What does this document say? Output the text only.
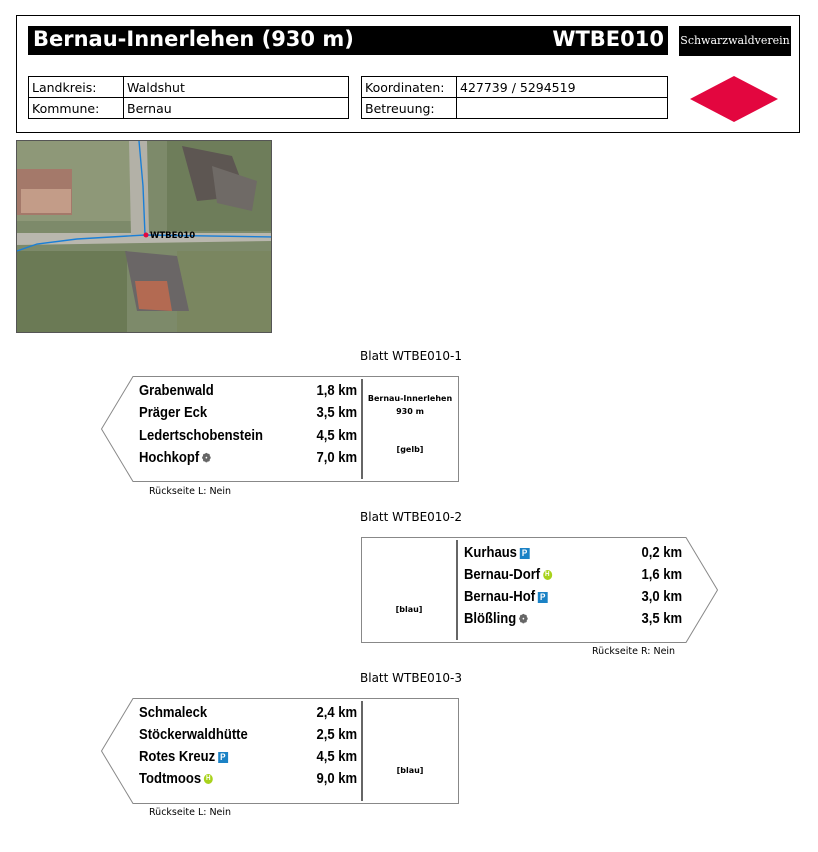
Bernau-Innerlehen (930 m)	WTBE010 Schwarzwaldverein
Landkreis:	Waldshut
Kommune:	Bernau
Koordinaten:	427739 / 5294519
Betreuung:	
WTBE010
Blatt WTBE010-1
Grabenwald	1,8 km
Präger Eck	3,5 km
Ledertschobenstein	4,5 km
Hochkopf ❁	7,0 km
Bernau-Innerlehen
930 m
[gelb]
Rückseite L: Nein
Blatt WTBE010-2
[blau]
Kurhaus P	0,2 km
Bernau-Dorf H	1,6 km
Bernau-Hof P	3,0 km
Blößling ❁	3,5 km
Rückseite R: Nein
Blatt WTBE010-3
Schmaleck	2,4 km
Stöckerwaldhütte	2,5 km
Rotes Kreuz P	4,5 km
Todtmoos H	9,0 km
[blau]
Rückseite L: Nein
